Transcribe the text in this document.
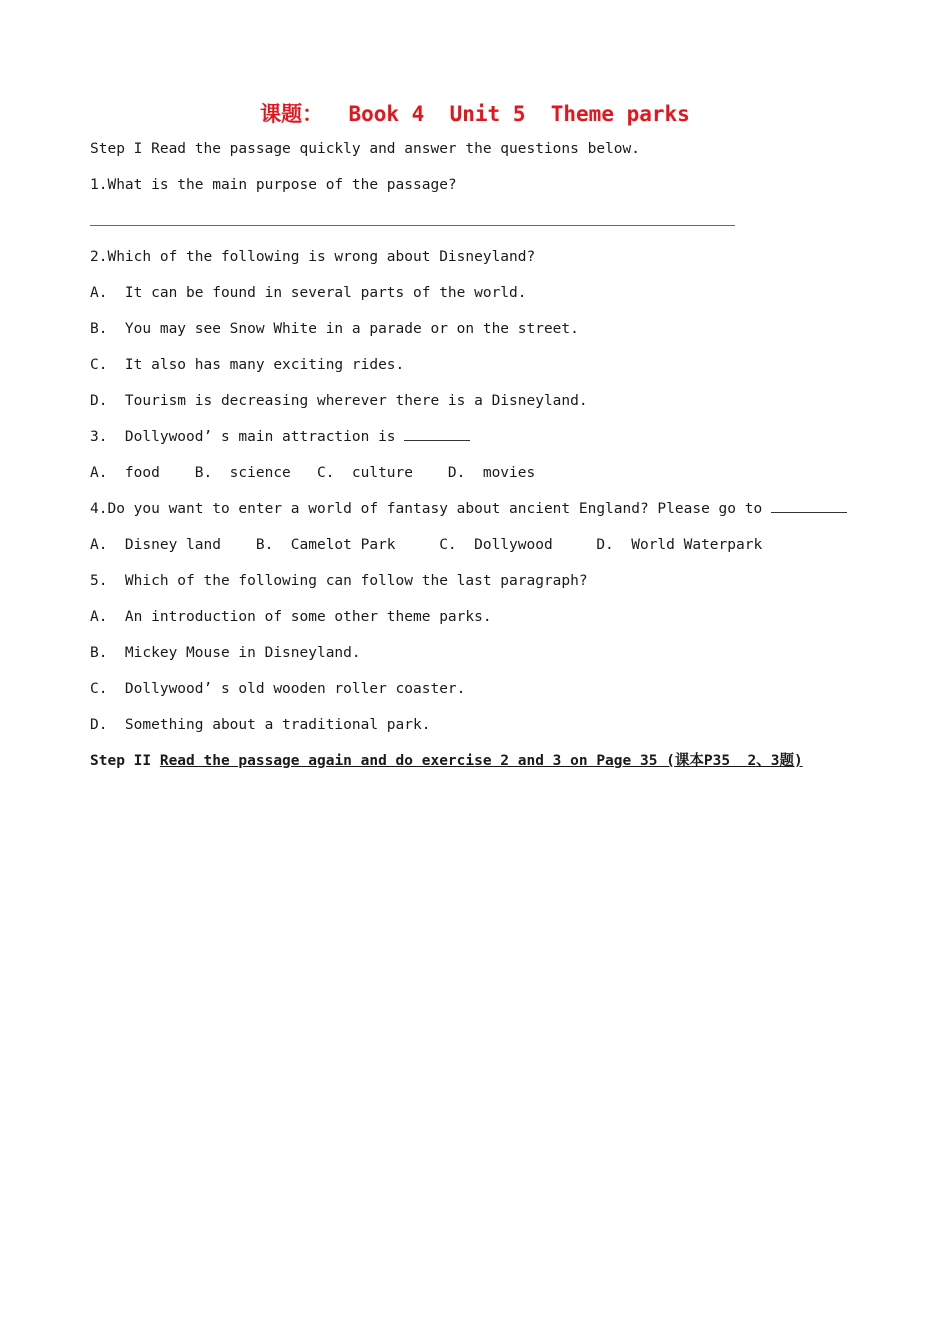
课题：  Book 4  Unit 5  Theme parks
Step I Read the passage quickly and answer the questions below.
1.What is the main purpose of the passage?
2.Which of the following is wrong about Disneyland?
A.  It can be found in several parts of the world.
B.  You may see Snow White in a parade or on the street.
C.  It also has many exciting rides.
D.  Tourism is decreasing wherever there is a Disneyland.
3.  Dollywood’ s main attraction is
A.  food    B.  science   C.  culture    D.  movies
4.Do you want to enter a world of fantasy about ancient England? Please go to
A.  Disney land    B.  Camelot Park     C.  Dollywood     D.  World Waterpark
5.  Which of the following can follow the last paragraph?
A.  An introduction of some other theme parks.
B.  Mickey Mouse in Disneyland.
C.  Dollywood’ s old wooden roller coaster.
D.  Something about a traditional park.
Step II Read the passage again and do exercise 2 and 3 on Page 35 (课本P35  2、3题)
